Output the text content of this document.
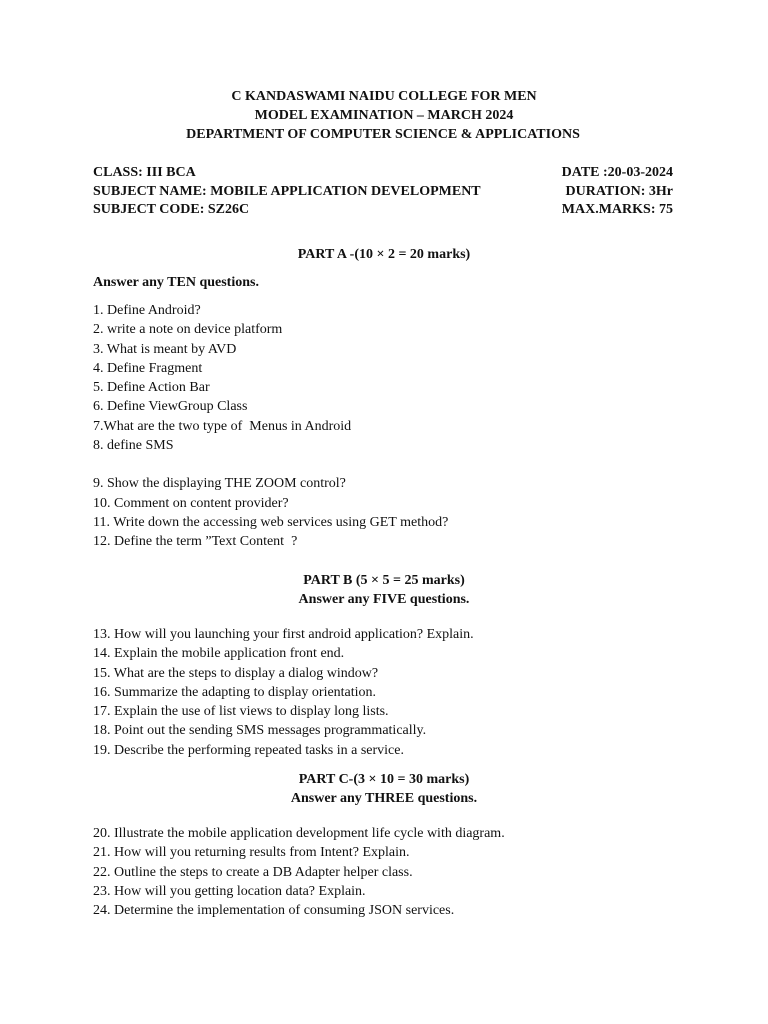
C KANDASWAMI NAIDU COLLEGE FOR MEN
MODEL EXAMINATION – MARCH 2024
DEPARTMENT OF COMPUTER SCIENCE & APPLICATIONS
CLASS: III BCA	DATE :20-03-2024
SUBJECT NAME: MOBILE APPLICATION DEVELOPMENT	DURATION: 3Hr
SUBJECT CODE: SZ26C	MAX.MARKS: 75
PART A -(10 × 2 = 20 marks)
Answer any TEN questions.
1. Define Android?
2. write a note on device platform
3. What is meant by AVD
4. Define Fragment
5. Define Action Bar
6. Define ViewGroup Class
7.What are the two type of  Menus in Android
8. define SMS
9. Show the displaying THE ZOOM control?
10. Comment on content provider?
11. Write down the accessing web services using GET method?
12. Define the term ”Text Content  ?
PART B (5 × 5 = 25 marks)
Answer any FIVE questions.
13. How will you launching your first android application? Explain.
14. Explain the mobile application front end.
15. What are the steps to display a dialog window?
16. Summarize the adapting to display orientation.
17. Explain the use of list views to display long lists.
18. Point out the sending SMS messages programmatically.
19. Describe the performing repeated tasks in a service.
PART C-(3 × 10 = 30 marks)
Answer any THREE questions.
20. Illustrate the mobile application development life cycle with diagram.
21. How will you returning results from Intent? Explain.
22. Outline the steps to create a DB Adapter helper class.
23. How will you getting location data? Explain.
24. Determine the implementation of consuming JSON services.
